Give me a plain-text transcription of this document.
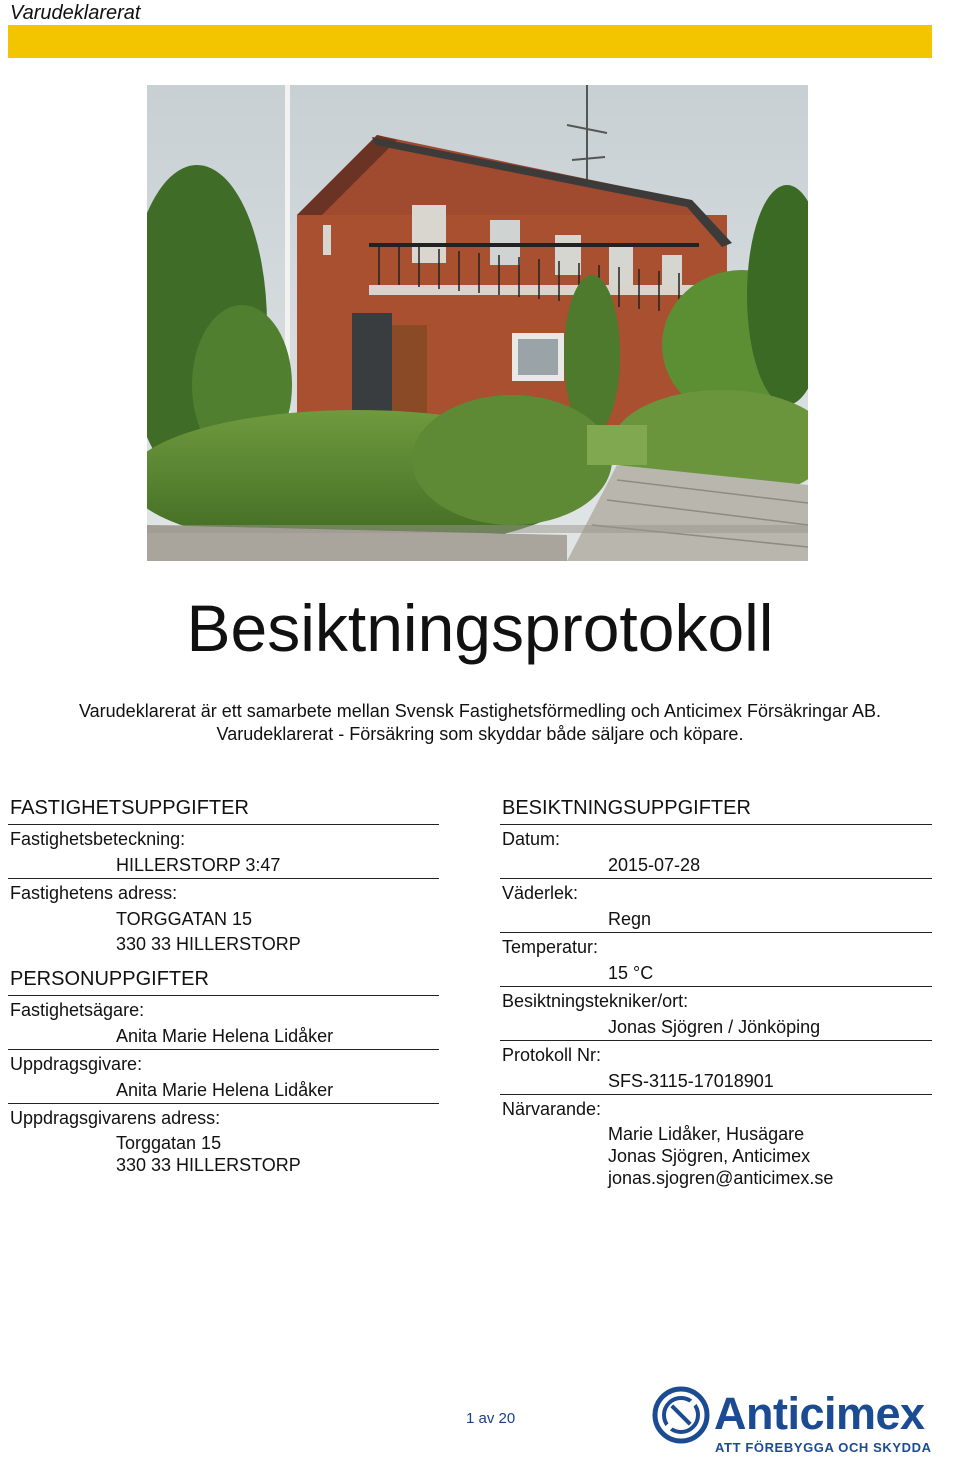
Varudeklarerat
Besiktningsprotokoll
Varudeklarerat är ett samarbete mellan Svensk Fastighetsförmedling och Anticimex Försäkringar AB.
Varudeklarerat - Försäkring som skyddar både säljare och köpare.
FASTIGHETSUPPGIFTER
Fastighetsbeteckning:
HILLERSTORP 3:47
Fastighetens adress:
TORGGATAN 15
330 33 HILLERSTORP
PERSONUPPGIFTER
Fastighetsägare:
Anita Marie Helena Lidåker
Uppdragsgivare:
Anita Marie Helena Lidåker
Uppdragsgivarens adress:
Torggatan 15
330 33 HILLERSTORP
BESIKTNINGSUPPGIFTER
Datum:
2015-07-28
Väderlek:
Regn
Temperatur:
15 °C
Besiktningstekniker/ort:
Jonas Sjögren / Jönköping
Protokoll Nr:
SFS-3115-17018901
Närvarande:
Marie Lidåker, Husägare
Jonas Sjögren, Anticimex
jonas.sjogren@anticimex.se
1 av 20	Anticimex
ATT FÖREBYGGA OCH SKYDDA
